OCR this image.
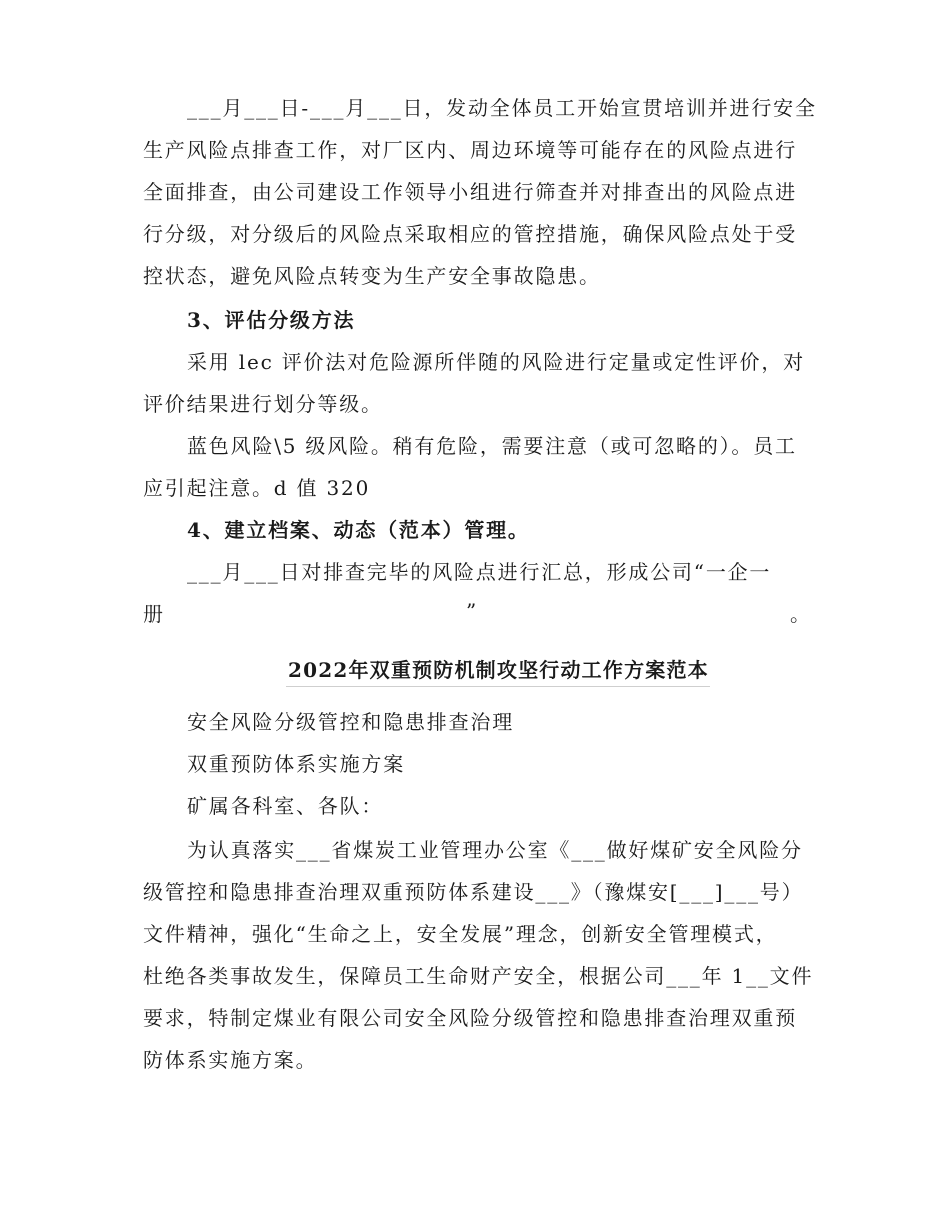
___月___日-___月___日，发动全体员工开始宣贯培训并进行安全
生产风险点排查工作，对厂区内、周边环境等可能存在的风险点进行
全面排查，由公司建设工作领导小组进行筛查并对排查出的风险点进
行分级，对分级后的风险点采取相应的管控措施，确保风险点处于受
控状态，避免风险点转变为生产安全事故隐患。
3、评估分级方法
采用 lec 评价法对危险源所伴随的风险进行定量或定性评价，对
评价结果进行划分等级。
蓝色风险\5 级风险。稍有危险，需要注意（或可忽略的）。员工
应引起注意。d 值 320
4、建立档案、动态（范本）管理。
___月___日对排查完毕的风险点进行汇总，形成公司“一企一
册	”	。
2022年双重预防机制攻坚行动工作方案范本
安全风险分级管控和隐患排查治理
双重预防体系实施方案
矿属各科室、各队：
为认真落实___省煤炭工业管理办公室《___做好煤矿安全风险分
级管控和隐患排查治理双重预防体系建设___》（豫煤安[___]___号）
文件精神，强化“生命之上，安全发展”理念，创新安全管理模式，
杜绝各类事故发生，保障员工生命财产安全，根据公司___年 1__文件
要求，特制定煤业有限公司安全风险分级管控和隐患排查治理双重预
防体系实施方案。
